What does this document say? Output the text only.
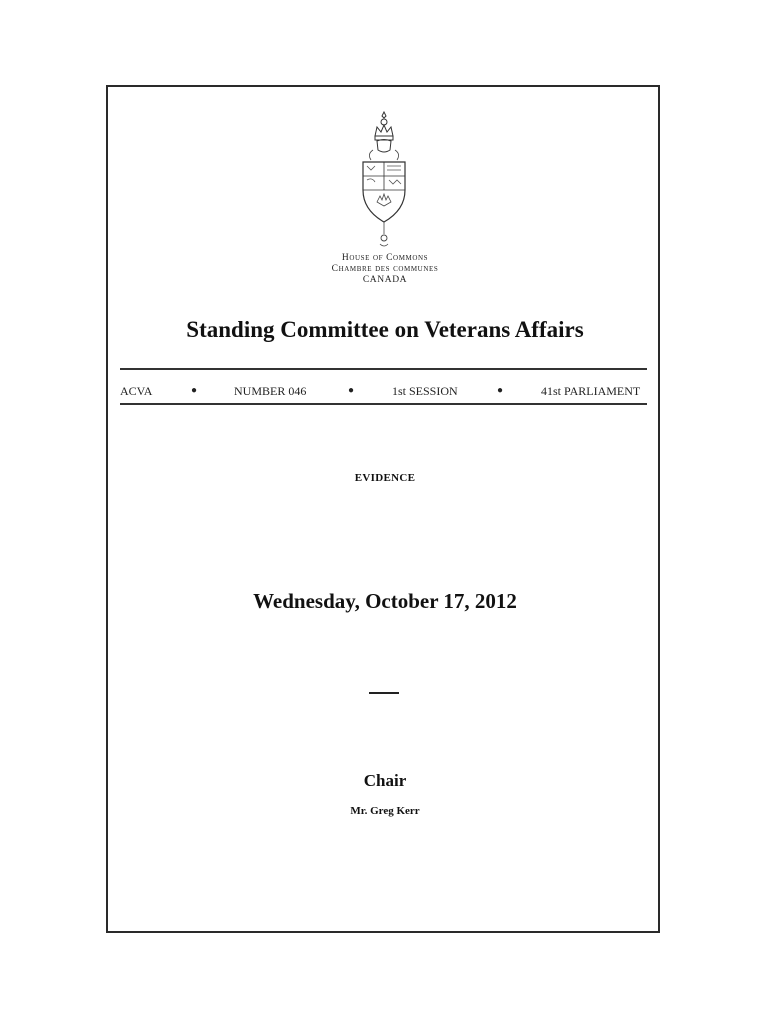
House of Commons
Chambre des communes
CANADA
Standing Committee on Veterans Affairs
ACVA	●	NUMBER 046	●	1st SESSION	●	41st PARLIAMENT
EVIDENCE
Wednesday, October 17, 2012
Chair
Mr. Greg Kerr
